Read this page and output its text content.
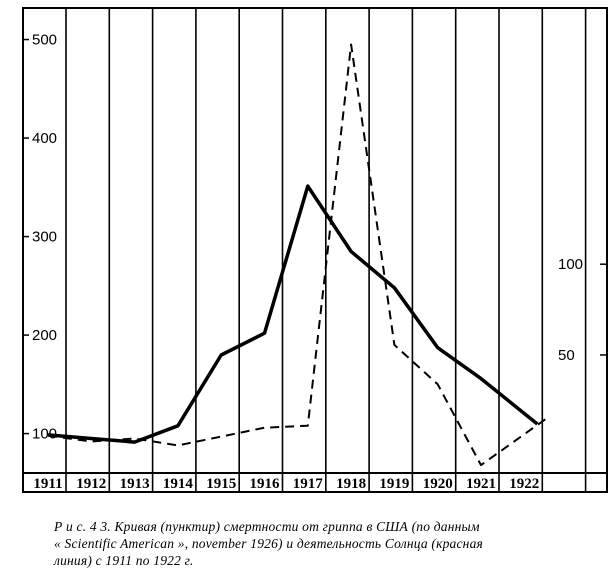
500
400
300
200
100
100
50
1911 1912 1913 1914 1915 1916 1917 1918 1919 1920 1921 1922
Р и с. 4 3. Кривая (пунктир) смертности от гриппа в США (по данным
« Scientific American », november 1926) и деятельность Солнца (красная
линия) с 1911 по 1922 г.
